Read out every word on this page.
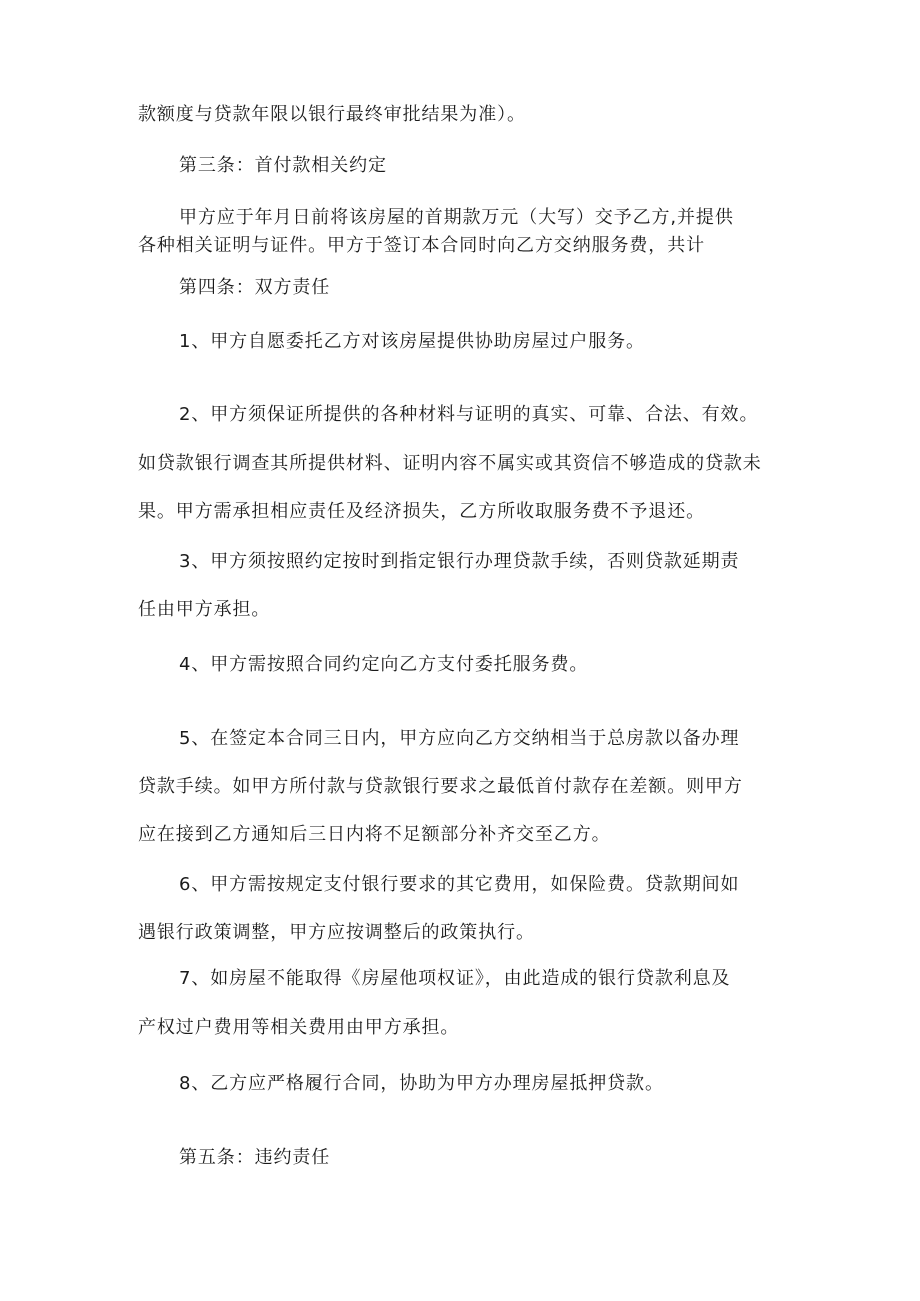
款额度与贷款年限以银行最终审批结果为准）。
第三条：首付款相关约定
甲方应于年月日前将该房屋的首期款万元（大写）交予乙方,并提供
各种相关证明与证件。甲方于签订本合同时向乙方交纳服务费，共计
第四条：双方责任
1、甲方自愿委托乙方对该房屋提供协助房屋过户服务。
2、甲方须保证所提供的各种材料与证明的真实、可靠、合法、有效。
如贷款银行调查其所提供材料、证明内容不属实或其资信不够造成的贷款未
果。甲方需承担相应责任及经济损失，乙方所收取服务费不予退还。
3、甲方须按照约定按时到指定银行办理贷款手续，否则贷款延期责
任由甲方承担。
4、甲方需按照合同约定向乙方支付委托服务费。
5、在签定本合同三日内，甲方应向乙方交纳相当于总房款以备办理
贷款手续。如甲方所付款与贷款银行要求之最低首付款存在差额。则甲方
应在接到乙方通知后三日内将不足额部分补齐交至乙方。
6、甲方需按规定支付银行要求的其它费用，如保险费。贷款期间如
遇银行政策调整，甲方应按调整后的政策执行。
7、如房屋不能取得《房屋他项权证》，由此造成的银行贷款利息及
产权过户费用等相关费用由甲方承担。
8、乙方应严格履行合同，协助为甲方办理房屋抵押贷款。
第五条：违约责任
